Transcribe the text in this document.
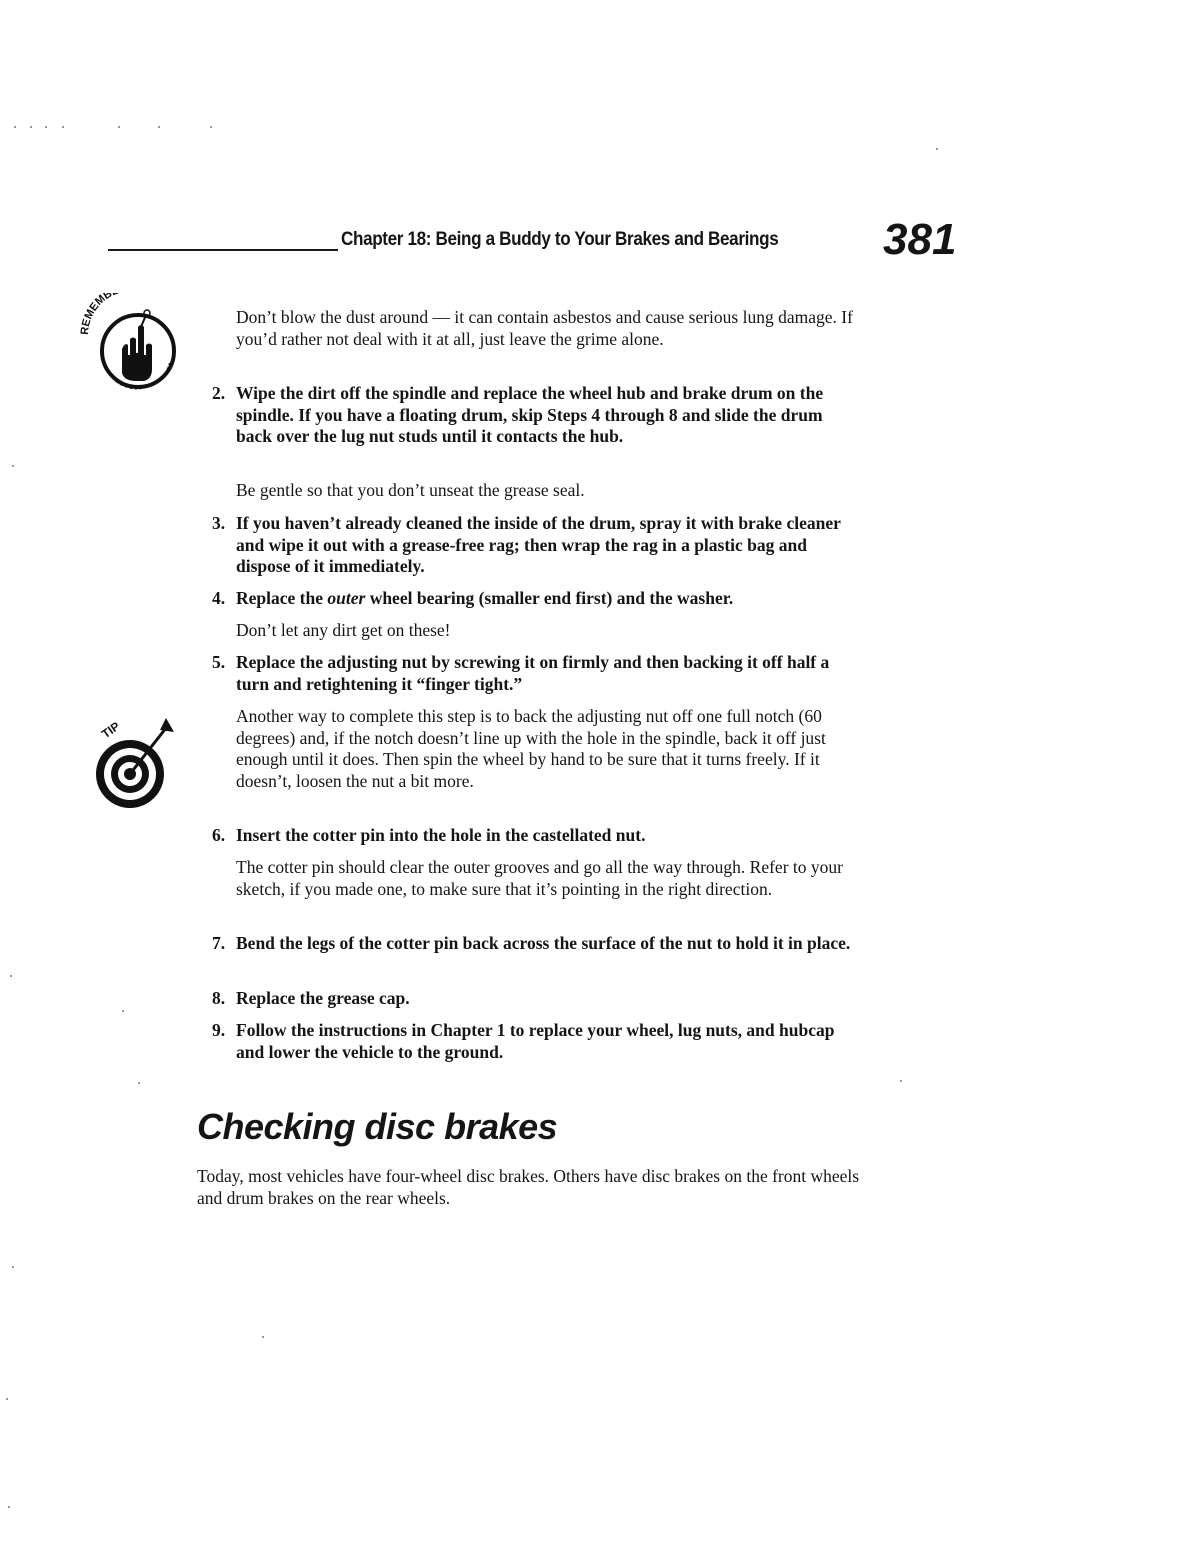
Chapter 18: Being a Buddy to Your Brakes and Bearings 381
REMEMB

Don’t blow the dust around — it can contain asbestos and cause serious lung damage. If you’d rather not deal with it at all, just leave the grime alone.

2. Wipe the dirt off the spindle and replace the wheel hub and brake drum on the spindle. If you have a floating drum, skip Steps 4 through 8 and slide the drum back over the lug nut studs until it contacts the hub.

Be gentle so that you don’t unseat the grease seal.

3. If you haven’t already cleaned the inside of the drum, spray it with brake cleaner and wipe it out with a grease-free rag; then wrap the rag in a plastic bag and dispose of it immediately.
4. Replace the outer wheel bearing (smaller end first) and the washer.

Don’t let any dirt get on these!

5. Replace the adjusting nut by screwing it on firmly and then backing it off half a turn and retightening it “finger tight.”
TIP

Another way to complete this step is to back the adjusting nut off one full notch (60 degrees) and, if the notch doesn’t line up with the hole in the spindle, back it off just enough until it does. Then spin the wheel by hand to be sure that it turns freely. If it doesn’t, loosen the nut a bit more.

6. Insert the cotter pin into the hole in the castellated nut.

The cotter pin should clear the outer grooves and go all the way through. Refer to your sketch, if you made one, to make sure that it’s pointing in the right direction.

7. Bend the legs of the cotter pin back across the surface of the nut to hold it in place.
8. Replace the grease cap.
9. Follow the instructions in Chapter 1 to replace your wheel, lug nuts, and hubcap and lower the vehicle to the ground.
Checking disc brakes

Today, most vehicles have four-wheel disc brakes. Others have disc brakes on the front wheels and drum brakes on the rear wheels.
